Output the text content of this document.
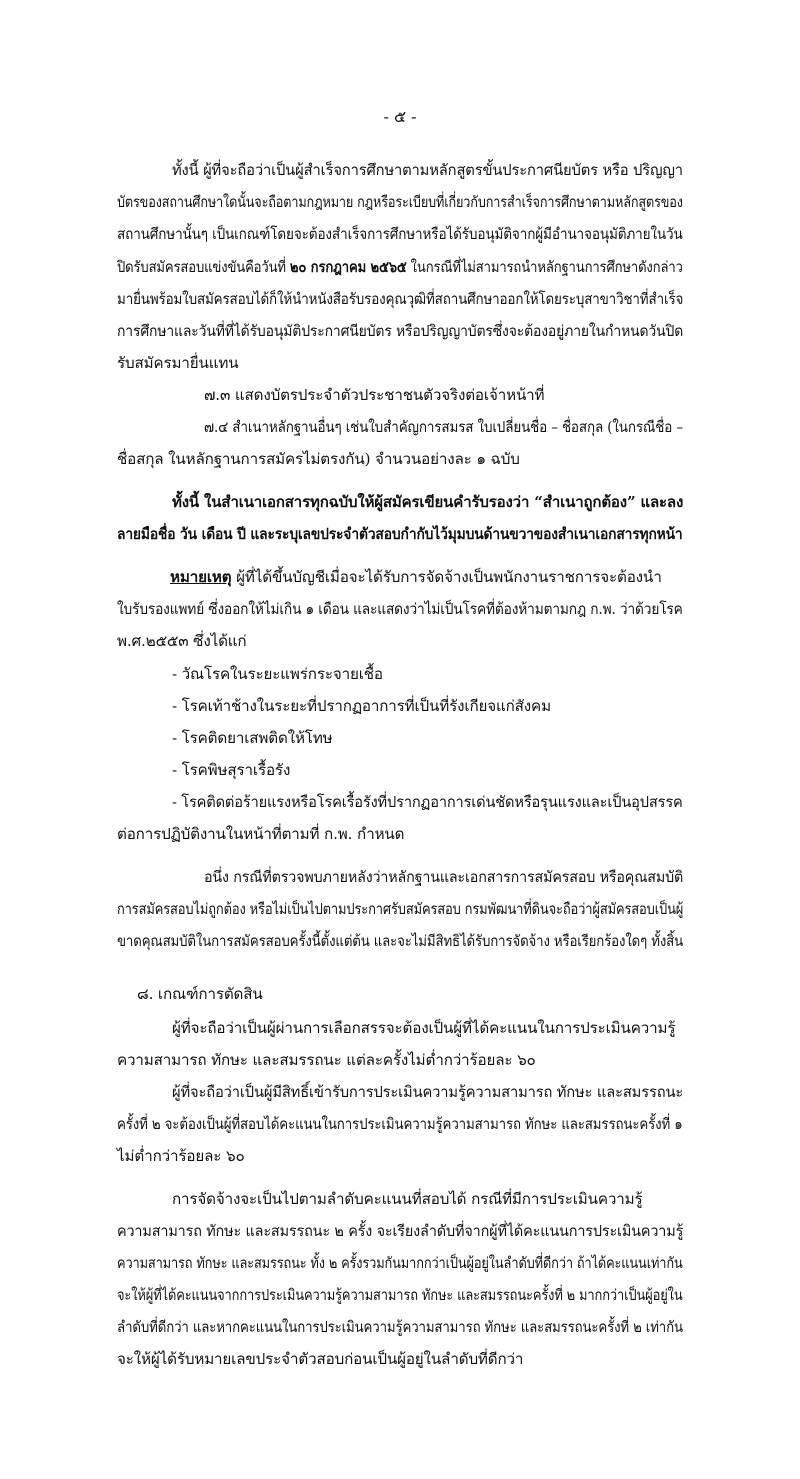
- ๕ -
ทั้งนี้ ผู้ที่จะถือว่าเป็นผู้สำเร็จการศึกษาตามหลักสูตรขั้นประกาศนียบัตร หรือ ปริญญา
บัตรของสถานศึกษาใดนั้นจะถือตามกฎหมาย กฎหรือระเบียบที่เกี่ยวกับการสำเร็จการศึกษาตามหลักสูตรของ
สถานศึกษานั้นๆ เป็นเกณฑ์โดยจะต้องสำเร็จการศึกษาหรือได้รับอนุมัติจากผู้มีอำนาจอนุมัติภายในวัน
ปิดรับสมัครสอบแข่งขันคือวันที่ ๒๐ กรกฎาคม ๒๕๖๕ ในกรณีที่ไม่สามารถนำหลักฐานการศึกษาดังกล่าว
มายื่นพร้อมใบสมัครสอบได้ก็ให้นำหนังสือรับรองคุณวุฒิที่สถานศึกษาออกให้โดยระบุสาขาวิชาที่สำเร็จ
การศึกษาและวันที่ที่ได้รับอนุมัติประกาศนียบัตร หรือปริญญาบัตรซึ่งจะต้องอยู่ภายในกำหนดวันปิด
รับสมัครมายื่นแทน
๗.๓ แสดงบัตรประจำตัวประชาชนตัวจริงต่อเจ้าหน้าที่
๗.๔ สำเนาหลักฐานอื่นๆ เช่นใบสำคัญการสมรส ใบเปลี่ยนชื่อ – ชื่อสกุล (ในกรณีชื่อ –
ชื่อสกุล ในหลักฐานการสมัครไม่ตรงกัน) จำนวนอย่างละ ๑ ฉบับ
ทั้งนี้ ในสำเนาเอกสารทุกฉบับให้ผู้สมัครเขียนคำรับรองว่า “สำเนาถูกต้อง” และลง
ลายมือชื่อ วัน เดือน ปี และระบุเลขประจำตัวสอบกำกับไว้มุมบนด้านขวาของสำเนาเอกสารทุกหน้า
หมายเหตุ ผู้ที่ได้ขึ้นบัญชีเมื่อจะได้รับการจัดจ้างเป็นพนักงานราชการจะต้องนำ
ใบรับรองแพทย์ ซึ่งออกให้ไม่เกิน ๑ เดือน และแสดงว่าไม่เป็นโรคที่ต้องห้ามตามกฎ ก.พ. ว่าด้วยโรค
พ.ศ.๒๕๕๓ ซึ่งได้แก่
- วัณโรคในระยะแพร่กระจายเชื้อ
- โรคเท้าช้างในระยะที่ปรากฏอาการที่เป็นที่รังเกียจแก่สังคม
- โรคติดยาเสพติดให้โทษ
- โรคพิษสุราเรื้อรัง
- โรคติดต่อร้ายแรงหรือโรคเรื้อรังที่ปรากฏอาการเด่นชัดหรือรุนแรงและเป็นอุปสรรค
ต่อการปฏิบัติงานในหน้าที่ตามที่ ก.พ. กำหนด
อนึ่ง กรณีที่ตรวจพบภายหลังว่าหลักฐานและเอกสารการสมัครสอบ หรือคุณสมบัติ
การสมัครสอบไม่ถูกต้อง หรือไม่เป็นไปตามประกาศรับสมัครสอบ กรมพัฒนาที่ดินจะถือว่าผู้สมัครสอบเป็นผู้
ขาดคุณสมบัติในการสมัครสอบครั้งนี้ตั้งแต่ต้น และจะไม่มีสิทธิได้รับการจัดจ้าง หรือเรียกร้องใดๆ ทั้งสิ้น
๘. เกณฑ์การตัดสิน
ผู้ที่จะถือว่าเป็นผู้ผ่านการเลือกสรรจะต้องเป็นผู้ที่ได้คะแนนในการประเมินความรู้
ความสามารถ ทักษะ และสมรรถนะ แต่ละครั้งไม่ต่ำกว่าร้อยละ ๖๐
ผู้ที่จะถือว่าเป็นผู้มีสิทธิ์เข้ารับการประเมินความรู้ความสามารถ ทักษะ และสมรรถนะ
ครั้งที่ ๒ จะต้องเป็นผู้ที่สอบได้คะแนนในการประเมินความรู้ความสามารถ ทักษะ และสมรรถนะครั้งที่ ๑
ไม่ต่ำกว่าร้อยละ ๖๐
การจัดจ้างจะเป็นไปตามลำดับคะแนนที่สอบได้ กรณีที่มีการประเมินความรู้
ความสามารถ ทักษะ และสมรรถนะ ๒ ครั้ง จะเรียงลำดับที่จากผู้ที่ได้คะแนนการประเมินความรู้
ความสามารถ ทักษะ และสมรรถนะ ทั้ง ๒ ครั้งรวมกันมากกว่าเป็นผู้อยู่ในลำดับที่ดีกว่า ถ้าได้คะแนนเท่ากัน
จะให้ผู้ที่ได้คะแนนจากการประเมินความรู้ความสามารถ ทักษะ และสมรรถนะครั้งที่ ๒ มากกว่าเป็นผู้อยู่ใน
ลำดับที่ดีกว่า และหากคะแนนในการประเมินความรู้ความสามารถ ทักษะ และสมรรถนะครั้งที่ ๒ เท่ากัน
จะให้ผู้ได้รับหมายเลขประจำตัวสอบก่อนเป็นผู้อยู่ในลำดับที่ดีกว่า
